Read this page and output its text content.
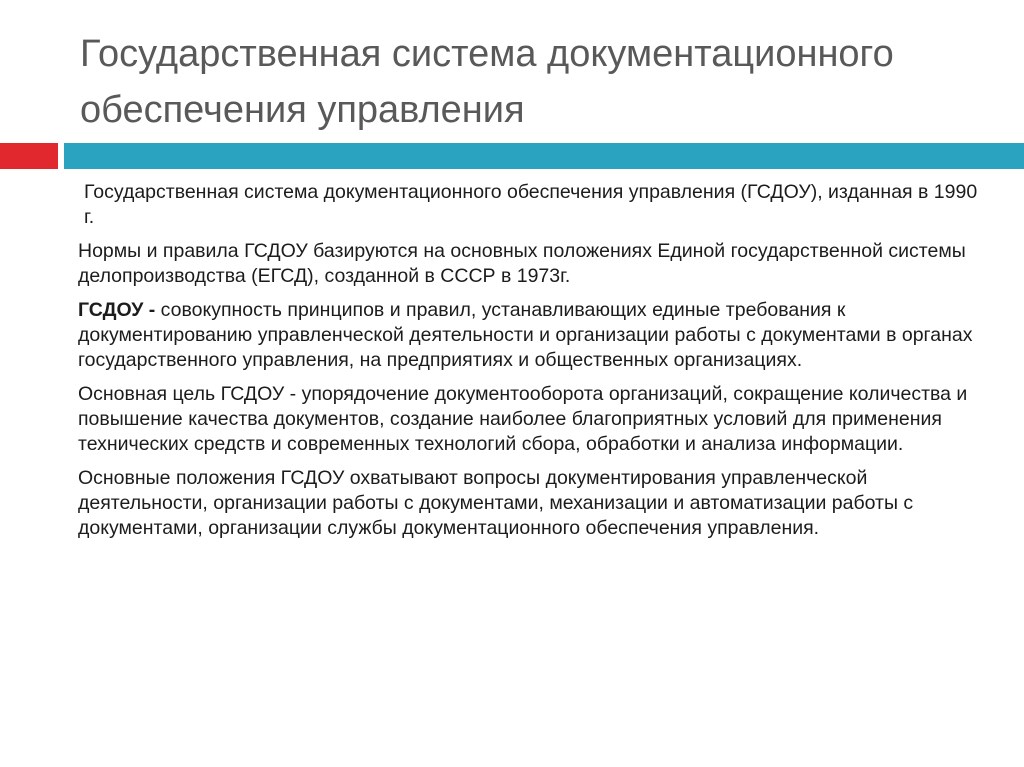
Государственная система документационного обеспечения управления

Государственная система документационного обеспечения управления (ГСДОУ), изданная в 1990 г.

Нормы и правила ГСДОУ базируются на основных положениях Единой государственной системы делопроизводства (ЕГСД), созданной в СССР в 1973г.

ГСДОУ - совокупность принципов и правил, устанавливающих единые требования к документированию управленческой деятельности и организации работы с документами в органах государственного управления, на предприятиях и общественных организациях.

Основная цель ГСДОУ - упорядочение документооборота организаций, сокращение количества и повышение качества документов, создание наиболее благоприятных условий для применения технических средств и современных технологий сбора, обработки и анализа информации.

Основные положения ГСДОУ охватывают вопросы документирования управленческой деятельности, организации работы с документами, механизации и автоматизации работы с документами, организации службы документационного обеспечения управления.
